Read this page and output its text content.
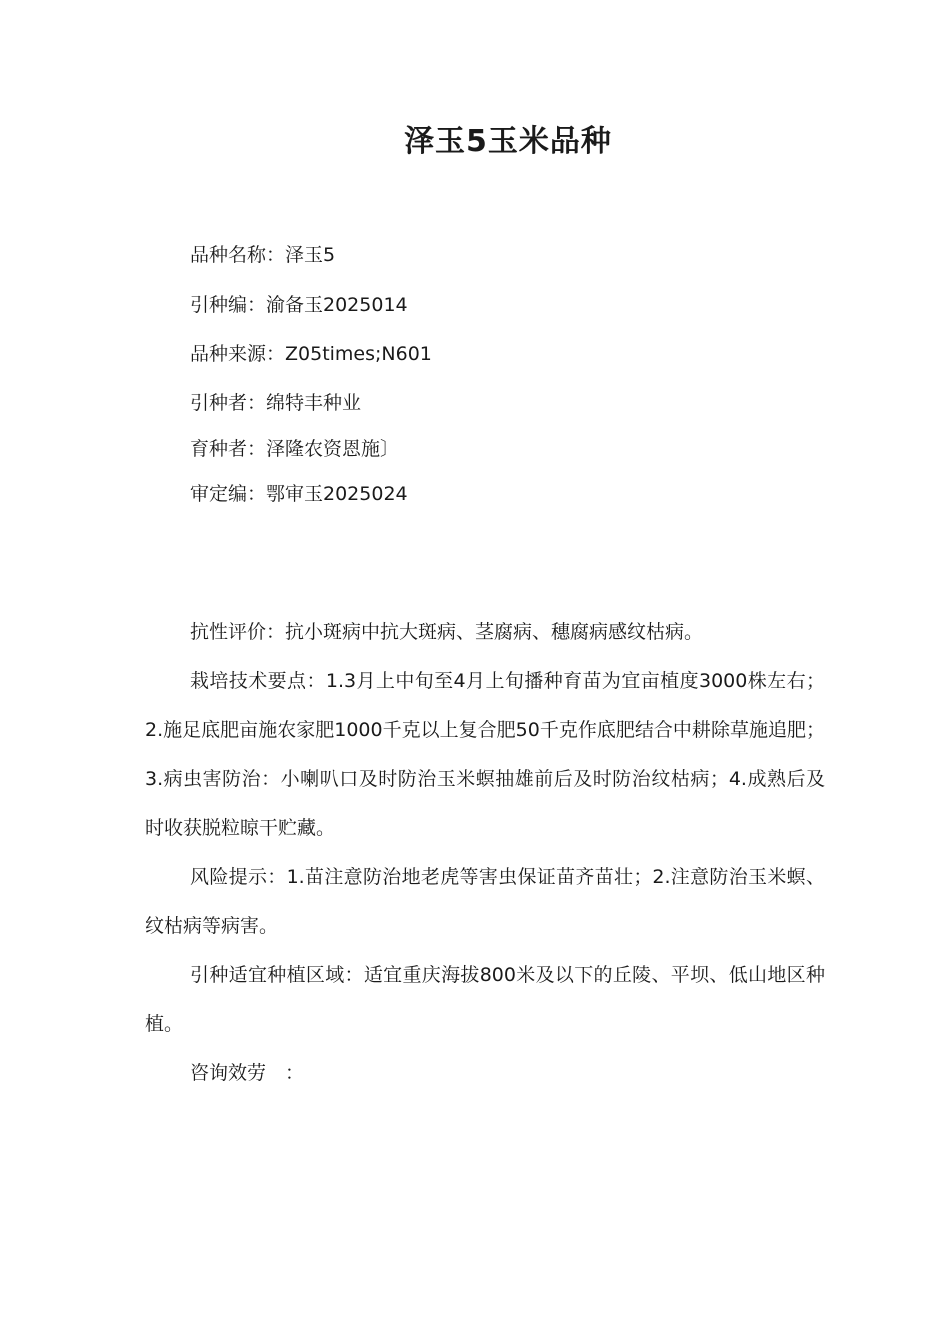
泽玉5玉米品种
品种名称：泽玉5
引种编：渝备玉2025014
品种来源：Z05times;N601
引种者：绵特丰种业
育种者：泽隆农资恩施〕
审定编：鄂审玉2025024

抗性评价：抗小斑病中抗大斑病、茎腐病、穗腐病感纹枯病。

栽培技术要点：1.3月上中旬至4月上旬播种育苗为宜亩植度3000株左右；2.施足底肥亩施农家肥1000千克以上复合肥50千克作底肥结合中耕除草施追肥；3.病虫害防治：小喇叭口及时防治玉米螟抽雄前后及时防治纹枯病；4.成熟后及时收获脱粒晾干贮藏。

风险提示：1.苗注意防治地老虎等害虫保证苗齐苗壮；2.注意防治玉米螟、纹枯病等病害。

引种适宜种植区域：适宜重庆海拔800米及以下的丘陵、平坝、低山地区种植。

咨询效劳　：
